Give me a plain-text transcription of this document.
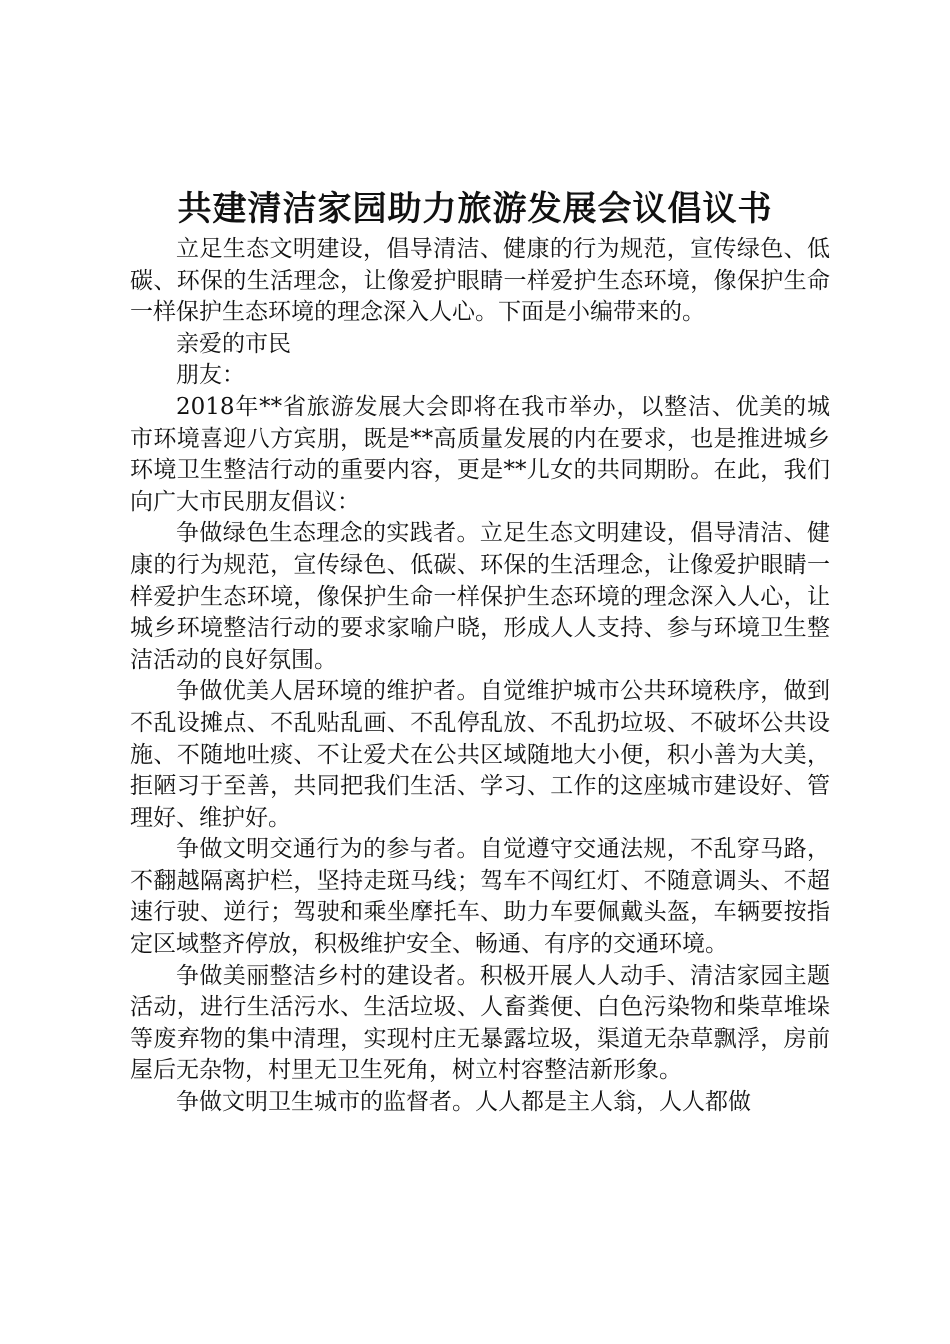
共建清洁家园助力旅游发展会议倡议书

立足生态文明建设，倡导清洁、健康的行为规范，宣传绿色、低碳、环保的生活理念，让像爱护眼睛一样爱护生态环境，像保护生命一样保护生态环境的理念深入人心。下面是小编带来的。

亲爱的市民

朋友：

2018年**省旅游发展大会即将在我市举办，以整洁、优美的城市环境喜迎八方宾朋，既是**高质量发展的内在要求，也是推进城乡环境卫生整洁行动的重要内容，更是**儿女的共同期盼。在此，我们向广大市民朋友倡议：

争做绿色生态理念的实践者。立足生态文明建设，倡导清洁、健康的行为规范，宣传绿色、低碳、环保的生活理念，让像爱护眼睛一样爱护生态环境，像保护生命一样保护生态环境的理念深入人心，让城乡环境整洁行动的要求家喻户晓，形成人人支持、参与环境卫生整洁活动的良好氛围。

争做优美人居环境的维护者。自觉维护城市公共环境秩序，做到不乱设摊点、不乱贴乱画、不乱停乱放、不乱扔垃圾、不破坏公共设施、不随地吐痰、不让爱犬在公共区域随地大小便，积小善为大美，拒陋习于至善，共同把我们生活、学习、工作的这座城市建设好、管理好、维护好。

争做文明交通行为的参与者。自觉遵守交通法规，不乱穿马路，不翻越隔离护栏，坚持走斑马线；驾车不闯红灯、不随意调头、不超速行驶、逆行；驾驶和乘坐摩托车、助力车要佩戴头盔，车辆要按指定区域整齐停放，积极维护安全、畅通、有序的交通环境。

争做美丽整洁乡村的建设者。积极开展人人动手、清洁家园主题活动，进行生活污水、生活垃圾、人畜粪便、白色污染物和柴草堆垛等废弃物的集中清理，实现村庄无暴露垃圾，渠道无杂草飘浮，房前屋后无杂物，村里无卫生死角，树立村容整洁新形象。

争做文明卫生城市的监督者。人人都是主人翁，人人都做
